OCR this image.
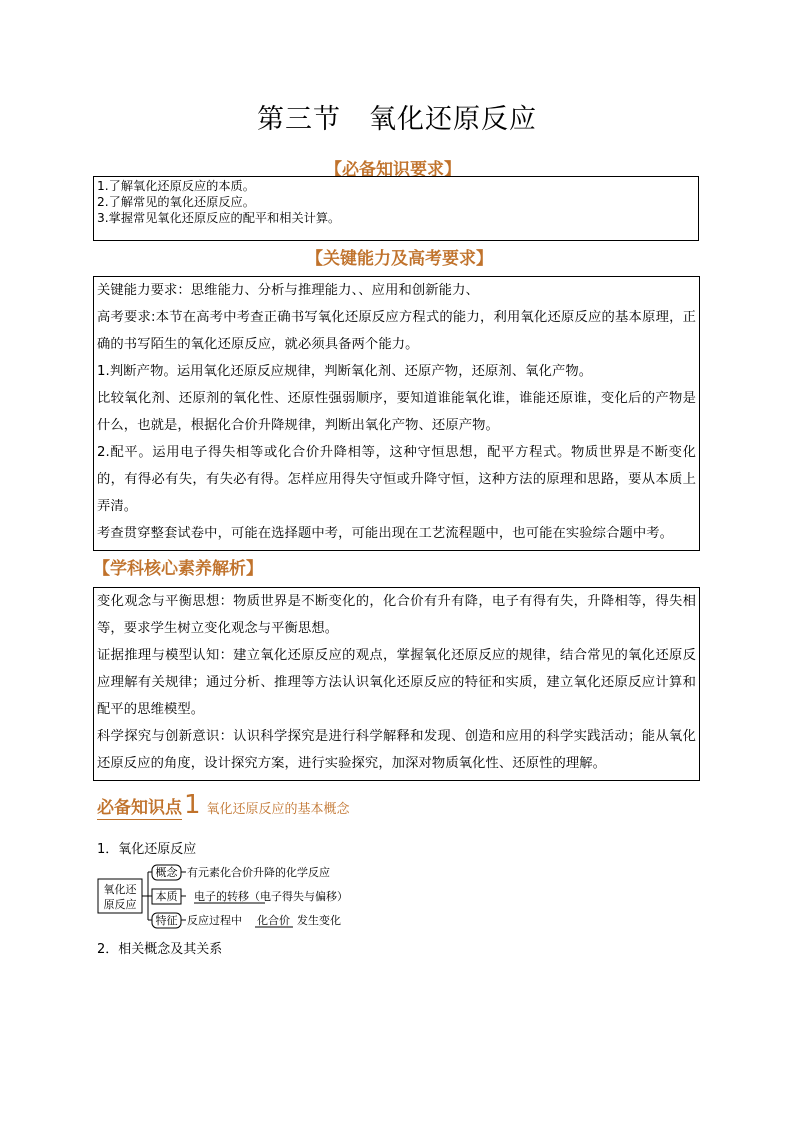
第三节　氧化还原反应
【必备知识要求】
1.了解氧化还原反应的本质。
2.了解常见的氧化还原反应。
3.掌握常见氧化还原反应的配平和相关计算。
【关键能力及高考要求】

关键能力要求：思维能力、分析与推理能力、、应用和创新能力、

高考要求:本节在高考中考查正确书写氧化还原反应方程式的能力，利用氧化还原反应的基本原理，正确的书写陌生的氧化还原反应，就必须具备两个能力。

1.判断产物。运用氧化还原反应规律，判断氧化剂、还原产物，还原剂、氧化产物。

比较氧化剂、还原剂的氧化性、还原性强弱顺序，要知道谁能氧化谁，谁能还原谁，变化后的产物是什么，也就是，根据化合价升降规律，判断出氧化产物、还原产物。

2.配平。运用电子得失相等或化合价升降相等，这种守恒思想，配平方程式。物质世界是不断变化的，有得必有失，有失必有得。怎样应用得失守恒或升降守恒，这种方法的原理和思路，要从本质上弄清。

考查贯穿整套试卷中，可能在选择题中考，可能出现在工艺流程题中，也可能在实验综合题中考。

【学科核心素养解析】

变化观念与平衡思想：物质世界是不断变化的，化合价有升有降，电子有得有失，升降相等，得失相等，要求学生树立变化观念与平衡思想。

证据推理与模型认知：建立氧化还原反应的观点，掌握氧化还原反应的规律，结合常见的氧化还原反应理解有关规律；通过分析、推理等方法认识氧化还原反应的特征和实质，建立氧化还原反应计算和配平的思维模型。

科学探究与创新意识：认识科学探究是进行科学解释和发现、创造和应用的科学实践活动；能从氧化还原反应的角度，设计探究方案，进行实验探究，加深对物质氧化性、还原性的理解。

必备知识点1 氧化还原反应的基本概念
1．氧化还原反应
氧化还
原反应
概念 有元素化合价升降的化学反应
本质 电子的转移（电子得失与偏移）
特征 反应过程中 化合价 发生变化
2．相关概念及其关系
